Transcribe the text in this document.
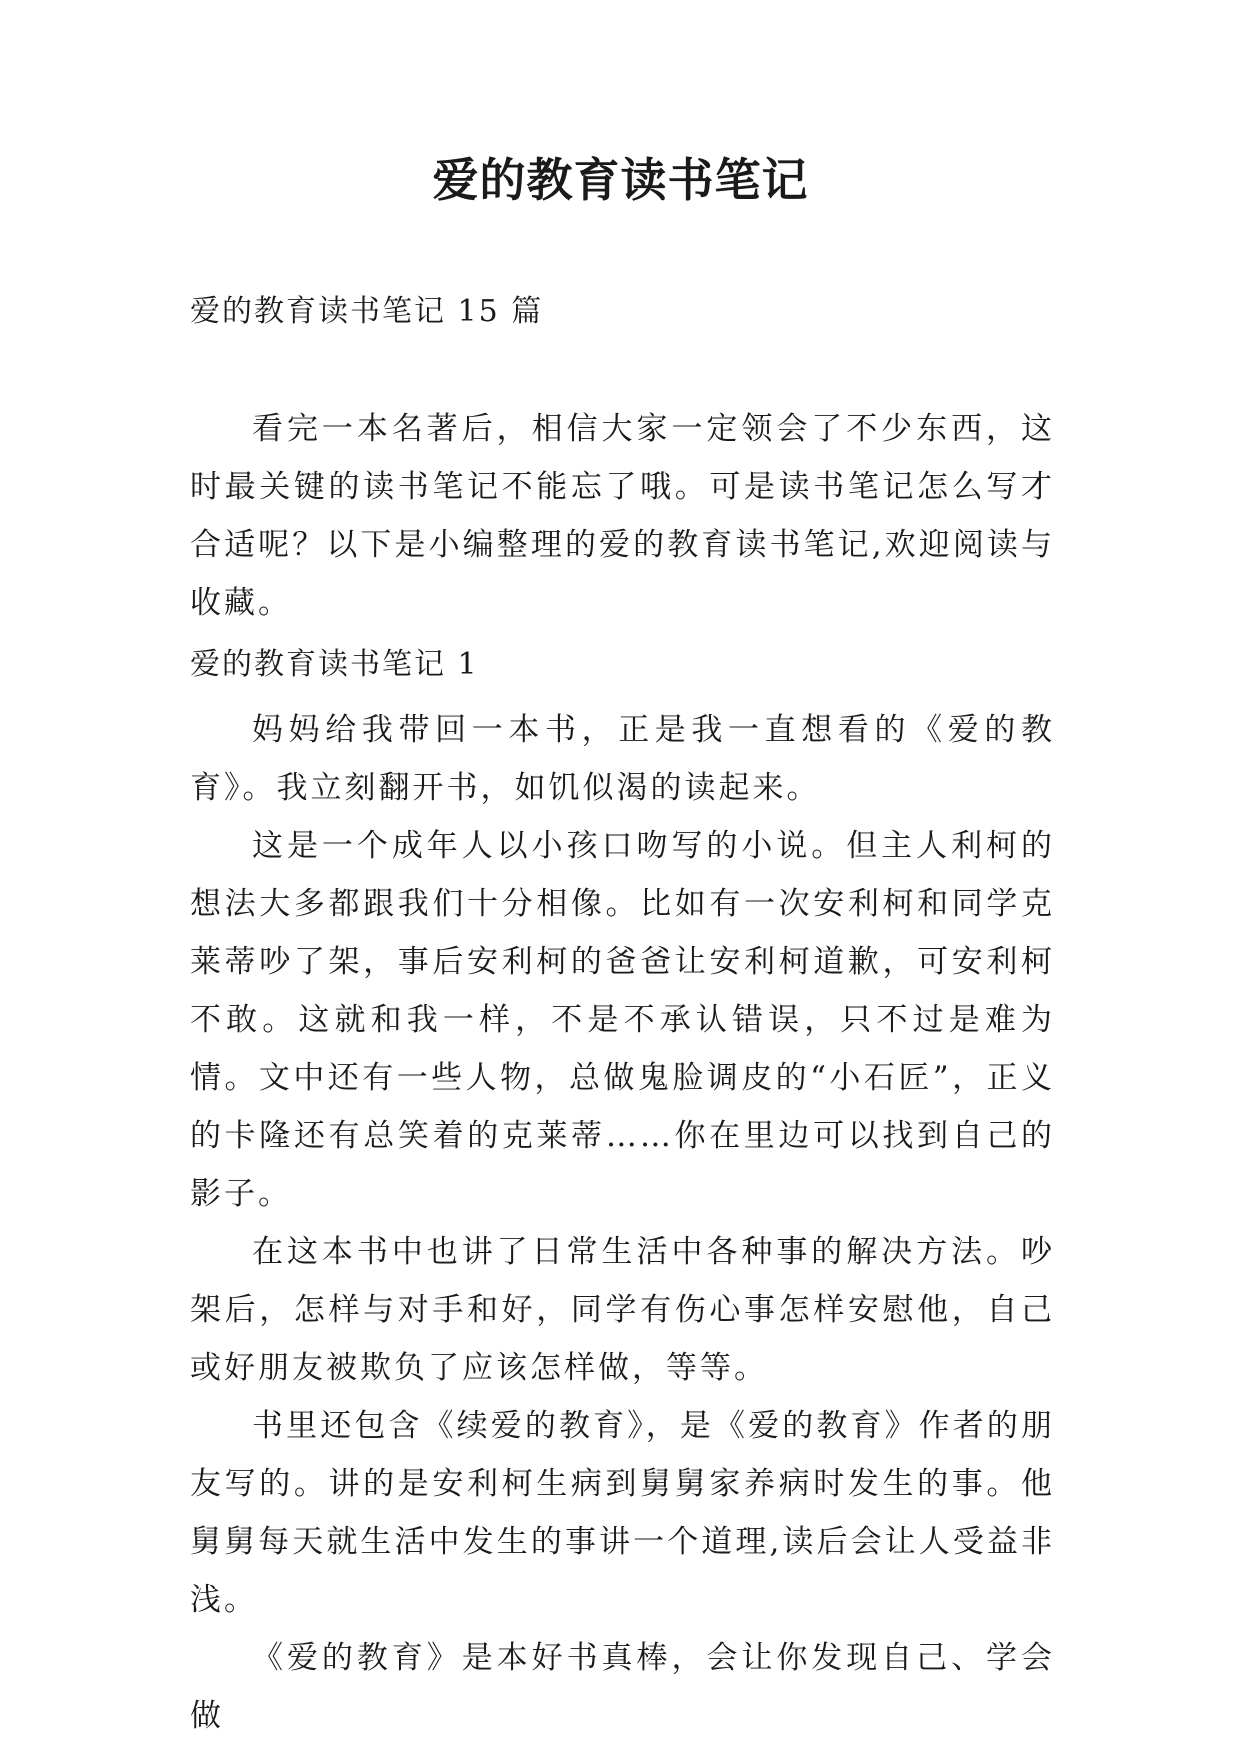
爱的教育读书笔记
爱的教育读书笔记 15 篇

看完一本名著后，相信大家一定领会了不少东西，这时最关键的读书笔记不能忘了哦。可是读书笔记怎么写才合适呢？以下是小编整理的爱的教育读书笔记,欢迎阅读与收藏。

爱的教育读书笔记 1

妈妈给我带回一本书，正是我一直想看的《爱的教育》。我立刻翻开书，如饥似渴的读起来。

这是一个成年人以小孩口吻写的小说。但主人利柯的想法大多都跟我们十分相像。比如有一次安利柯和同学克莱蒂吵了架，事后安利柯的爸爸让安利柯道歉，可安利柯不敢。这就和我一样，不是不承认错误，只不过是难为情。文中还有一些人物，总做鬼脸调皮的“小石匠”，正义的卡隆还有总笑着的克莱蒂……你在里边可以找到自己的影子。

在这本书中也讲了日常生活中各种事的解决方法。吵架后，怎样与对手和好，同学有伤心事怎样安慰他，自己或好朋友被欺负了应该怎样做，等等。

书里还包含《续爱的教育》，是《爱的教育》作者的朋友写的。讲的是安利柯生病到舅舅家养病时发生的事。他舅舅每天就生活中发生的事讲一个道理,读后会让人受益非浅。

《爱的教育》是本好书真棒，会让你发现自己、学会做
